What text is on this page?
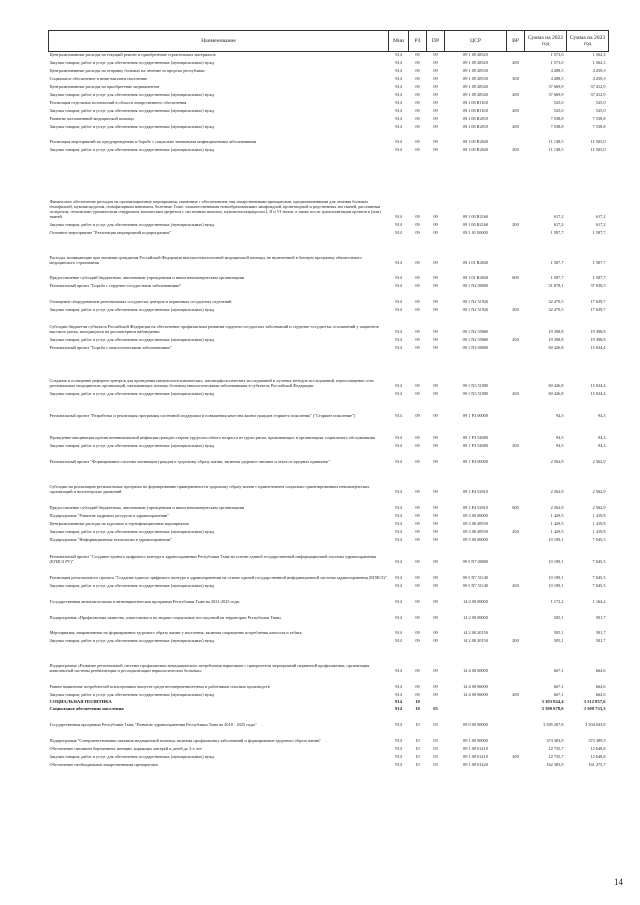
Наименование	Мин	РЗ	ПР	ЦСР	ВР	Сумма на 2022 год	Сумма на 2023 год
Централизованные расходы на текущий ремонт и приобретение строительных материалов	914	09	09	09 1 00 48520		1 573,0	1 562,3
Закупка товаров, работ и услуг для обеспечения государственных (муниципальных) нужд	914	09	09	09 1 00 48520	200	1 573,0	1 562,3
Централизованные расходы на отправку больных на лечение за пределы республики	914	09	09	09 1 00 48530		4 288,5	4 259,3
Социальное обеспечение и иные выплаты населению	914	09	09	09 1 00 48530	300	4 288,5	4 259,3
Централизованные расходы на приобретение медикаментов	914	09	09	09 1 00 48540		37 669,9	37 412,9
Закупка товаров, работ и услуг для обеспечения государственных (муниципальных) нужд	914	09	09	09 1 00 48540	200	37 669,9	37 412,9
Реализация отдельных полномочий в области лекарственного обеспечения	914	09	09	09 1 00 R1610		525,0	525,0
Закупка товаров, работ и услуг для обеспечения государственных (муниципальных) нужд	914	09	09	09 1 00 R1610	200	525,0	525,0
Развитие паллиативной медицинской помощи	914	09	09	09 1 00 R2010		7 538,8	7 538,8
Закупка товаров, работ и услуг для обеспечения государственных (муниципальных) нужд	914	09	09	09 1 00 R2010	200	7 538,8	7 538,8
Реализация мероприятий по предупреждению и борьбе с социально значимыми инфекционными заболеваниями	914	09	09	09 1 00 R2020		11 148,5	11 503,0
Закупка товаров, работ и услуг для обеспечения государственных (муниципальных) нужд	914	09	09	09 1 00 R2020	200	11 148,5	11 503,0
Финансовое обеспечение расходов на организационные мероприятия, связанные с обеспечением лиц лекарственными препаратами, предназначенными для лечения больных гемофилией, муковисцидозом, гипофизарным нанизмом, болезнью Гоше, злокачественными новообразованиями лимфоидной, кроветворной и родственных им тканей, рассеянным склерозом, гемолитико-уремическим синдромом, юношеским артритом с системным началом, мукополисахаридозом I, II и VI типов, а также после трансплантации органов и (или) тканей	914	09	09	09 1 00 R2160		617,2	617,2
Закупка товаров, работ и услуг для обеспечения государственных (муниципальных) нужд	914	09	09	09 1 00 R2160	200	617,2	617,2
Основное мероприятие "Реализация мероприятий подпрограммы"	914	09	09	09 1 01 00000		1 587,7	1 587,7
Расходы, возникающие при оказании гражданам Российской Федерации высокотехнологичной медицинской помощи, не включенной в базовую программу обязательного медицинского страхования	914	09	09	09 1 01 R4020		1 587,7	1 587,7
Предоставление субсидий бюджетным, автономным учреждениям и иным некоммерческим организациям	914	09	09	09 1 01 R4020	600	1 587,7	1 587,7
Региональный проект "Борьба с сердечно-сосудистыми заболеваниями"	914	09	09	09 1 N2 00000		51 878,1	37 038,5
Оснащение оборудованием региональных сосудистых центров и первичных сосудистых отделений	914	09	09	09 1 N2 51920		32 479,3	17 639,7
Закупка товаров, работ и услуг для обеспечения государственных (муниципальных) нужд	914	09	09	09 1 N2 51920	200	32 479,3	17 639,7
Субсидии бюджетам субъектов Российской Федерации на обеспечение профилактики развития сердечно-сосудистых заболеваний и сердечно-сосудистых осложнений у пациентов высокого риска, находящихся на диспансерном наблюдении	914	09	09	09 1 N2 55860		19 398,8	19 398,8
Закупка товаров, работ и услуг для обеспечения государственных (муниципальных) нужд	914	09	09	09 1 N2 55860	200	19 398,8	19 398,8
Региональный проект "Борьба с онкологическими заболеваниями"	914	09	09	09 1 N3 00000		60 426,8	15 634,4
Создание и оснащение референс-центров для проведения иммуногистохимических, патоморфологических исследований и лучевых методов исследований, переоснащение сети региональных медицинских организаций, оказывающих помощь больным онкологическими заболеваниями в субъектах Российской Федерации	914	09	09	09 1 N3 51900		60 426,8	15 634,4
Закупка товаров, работ и услуг для обеспечения государственных (муниципальных) нужд	914	09	09	09 1 N3 51900	200	60 426,8	15 634,4
Региональный проект "Разработка и реализация программы системной поддержки и повышения качества жизни граждан старшего поколения" ("Старшее поколение")	914	09	09	09 1 P3 00000		94,3	94,3
Проведение вакцинации против пневмококковой инфекции граждан старше трудоспособного возраста из групп риска, проживающих в организациях социального обслуживания	914	09	09	09 1 P3 54680		94,3	94,3
Закупка товаров, работ и услуг для обеспечения государственных (муниципальных) нужд	914	09	09	09 1 P3 54680	200	94,3	94,3
Региональный проект "Формирование системы мотивации граждан к здоровому образу жизни, включая здоровое питание и отказ от вредных привычек"	914	09	09	09 1 P4 00000		2 562,9	2 562,9
Субсидии на реализацию региональных программ по формированию приверженности здоровому образу жизни с привлечением социально ориентированных некоммерческих организаций и волонтерских движений	914	09	09	09 1 P4 52810		2 562,9	2 562,9
Предоставление субсидий бюджетным, автономным учреждениям и иным некоммерческим организациям	914	09	09	09 1 P4 52810	600	2 562,9	2 562,9
Подпрограмма "Развитие кадровых ресурсов в здравоохранении"	914	09	09	09 3 00 00000		1 429,5	1 419,8
Централизованные расходы на курсовые и сертификационные мероприятия	914	09	09	09 3 00 48550		1 429,5	1 419,8
Закупка товаров, работ и услуг для обеспечения государственных (муниципальных) нужд	914	09	09	09 3 00 48550	200	1 429,5	1 419,8
Подпрограмма "Информационные технологии в здравоохранении"	914	09	09	09 5 00 00000		10 109,1	7 045,5
Региональный проект "Создание единого цифрового контура в здравоохранении Республики Тыва на основе единой государственной информационной системы здравоохранения (ЕГИСЗ РТ)"	914	09	09	09 5 N7 00000		10 109,1	7 045,5
Реализация регионального проекта "Создание единого цифрового контура в здравоохранении на основе единой государственной информационной системы здравоохранения (ЕГИСЗ)"	914	09	09	09 5 N7 51140		10 109,1	7 045,5
Закупка товаров, работ и услуг для обеспечения государственных (муниципальных) нужд	914	09	09	09 5 N7 51140	200	10 109,1	7 045,5
Государственная антиалкогольная и антинаркотическая программа Республики Тыва на 2021-2025 годы	914	09	09	14 0 00 00000		1 172,2	1 164,2
Подпрограмма «Профилактика пьянства, алкоголизма и их медико-социальных последствий на территории Республики Тыва»	914	09	09	14 2 00 00000		505,1	501,7
Мероприятия, направленные на формирование здорового образа жизни у населения, включая сокращение потребления алкоголя и табака	914	09	09	14 2 00 20150		505,1	501,7
Закупка товаров, работ и услуг для обеспечения государственных (муниципальных) нужд	914	09	09	14 2 00 20150	200	505,1	501,7
Подпрограмма «Развитие региональной системы профилактики немедицинского потребления наркотиков с приоритетом мероприятий первичной профилактики, организация комплексной системы реабилитации и ресоциализации наркологических больных»	914	09	09	14 4 00 00000		667,1	662,6
Раннее выявление потребителей психотропных веществ среди несовершеннолетних и работников опасных производств	914	09	09	14 4 00 06000		667,1	662,6
Закупка товаров, работ и услуг для обеспечения государственных (муниципальных) нужд	914	09	09	14 4 00 06000	200	667,1	662,6
СОЦИАЛЬНАЯ ПОЛИТИКА	914	10				3 393 824,4	3 512 857,6
Социальное обеспечение населения	914	10	03			3 390 678,6	3 509 733,3
Государственная программа Республики Тыва "Развитие здравоохранения Республики Тыва на 2018 - 2025 годы"	914	10	03	09 0 00 00000		3 385 207,8	3 504 043,8
Подпрограмма "Совершенствование оказания медицинской помощи, включая профилактику заболеваний и формирование здорового образа жизни"	914	10	03	09 1 00 00000		374 383,9	373 389,5
Обеспечение питанием беременных женщин, кормящих матерей и детей до 3-х лет	914	10	03	09 1 00 01410		12 735,7	12 648,8
Закупка товаров, работ и услуг для обеспечения государственных (муниципальных) нужд	914	10	03	09 1 00 01410	200	12 735,7	12 648,8
Обеспечение необходимыми лекарственными препаратами	914	10	03	09 1 00 01420		162 383,9	161 275,7
14
